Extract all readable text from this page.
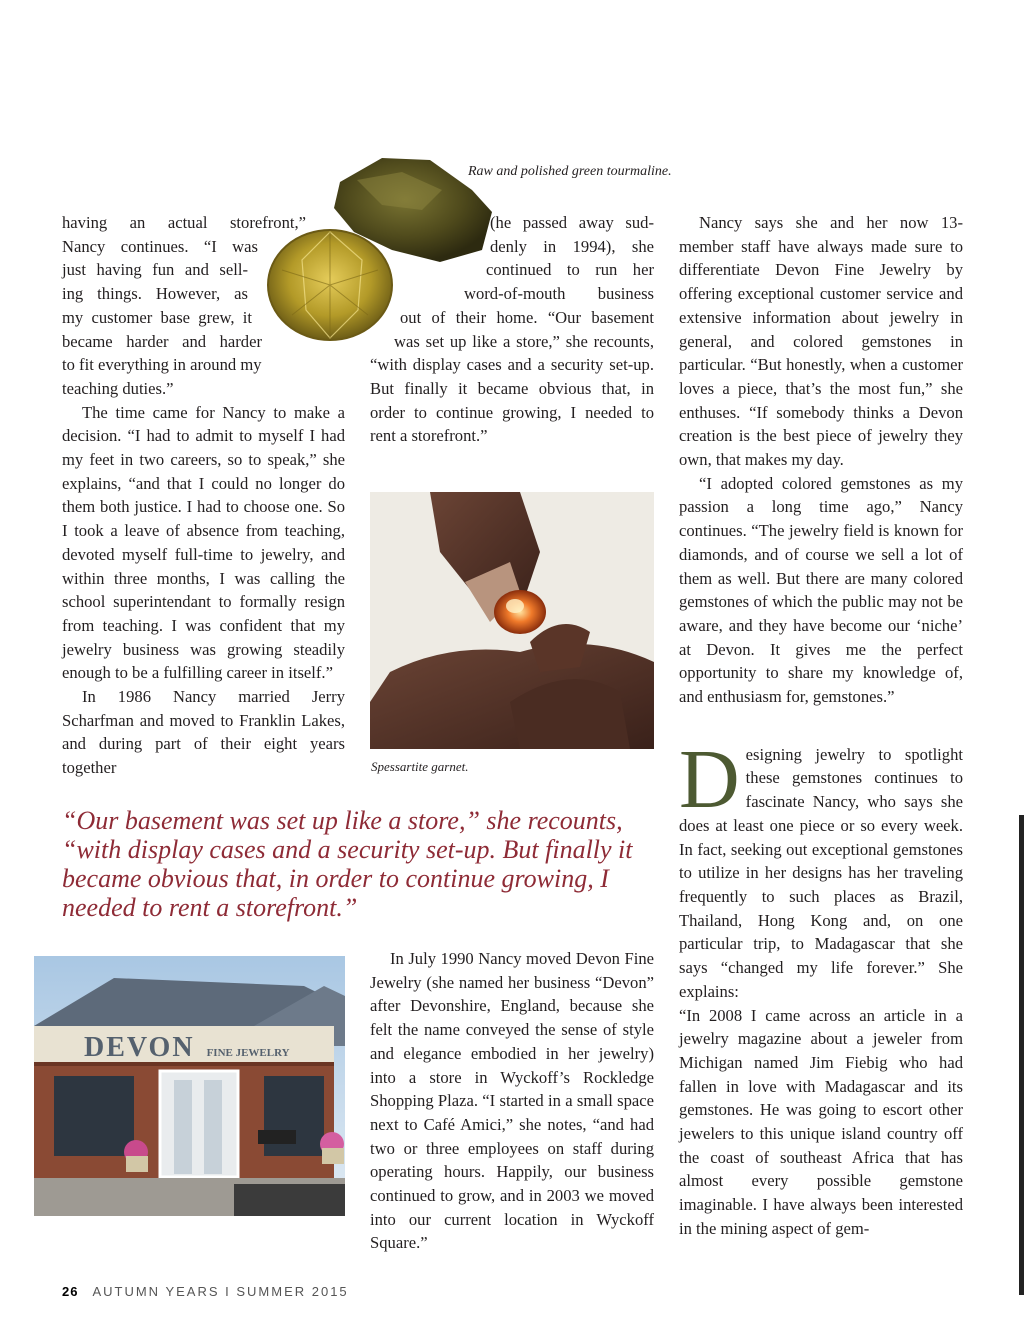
Raw and polished green tourmaline.
having an actual storefront,”
Nancy continues. “I was
just having fun and sell-
ing things. However, as
my customer base grew, it
became harder and harder
to fit everything in around my
teaching duties.”

The time came for Nancy to make a decision. “I had to admit to myself I had my feet in two careers, so to speak,” she explains, “and that I could no longer do them both justice. I had to choose one. So I took a leave of absence from teaching, devoted myself full-time to jewelry, and within three months, I was calling the school superintendant to formally resign from teaching. I was confident that my jewelry business was growing steadily enough to be a fulfilling career in itself.”

In 1986 Nancy married Jerry Scharfman and moved to Franklin Lakes, and during part of their eight years together

(he passed away sud-
denly in 1994), she
continued to run her
word-of-mouth business
out of their home. “Our basement
was set up like a store,” she recounts,

“with display cases and a security set-up. But finally it became obvious that, in order to continue growing, I needed to rent a storefront.”

Spessartite garnet.
“Our basement was set up like a store,” she recounts, “with display cases and a security set-up. But finally it became obvious that, in order to continue growing, I needed to rent a storefront.”
DEVON FINE JEWELRY

In July 1990 Nancy moved Devon Fine Jewelry (she named her business “Devon” after Devonshire, England, because she felt the name conveyed the sense of style and elegance embodied in her jewelry) into a store in Wyckoff’s Rockledge Shopping Plaza. “I started in a small space next to Café Amici,” she notes, “and had two or three employees on staff during operating hours. Happily, our business continued to grow, and in 2003 we moved into our current location in Wyckoff Square.”

Nancy says she and her now 13-member staff have always made sure to differentiate Devon Fine Jewelry by offering exceptional customer service and extensive information about jewelry in general, and colored gemstones in particular. “But honestly, when a customer loves a piece, that’s the most fun,” she enthuses. “If somebody thinks a Devon creation is the best piece of jewelry they own, that makes my day.

“I adopted colored gemstones as my passion a long time ago,” Nancy continues. “The jewelry field is known for diamonds, and of course we sell a lot of them as well. But there are many colored gemstones of which the public may not be aware, and they have become our ‘niche’ at Devon. It gives me the perfect opportunity to share my knowledge of, and enthusiasm for, gemstones.”

Designing jewelry to spotlight these gemstones continues to fascinate Nancy, who says she does at least one piece or so every week. In fact, seeking out exceptional gemstones to utilize in her designs has her traveling frequently to such places as Brazil, Thailand, Hong Kong and, on one particular trip, to Madagascar that she says “changed my life forever.” She explains:

“In 2008 I came across an article in a jewelry magazine about a jeweler from Michigan named Jim Fiebig who had fallen in love with Madagascar and its gemstones. He was going to escort other jewelers to this unique island country off the coast of southeast Africa that has almost every possible gemstone imaginable. I have always been interested in the mining aspect of gem-

26 AUTUMN YEARS I SUMMER 2015
